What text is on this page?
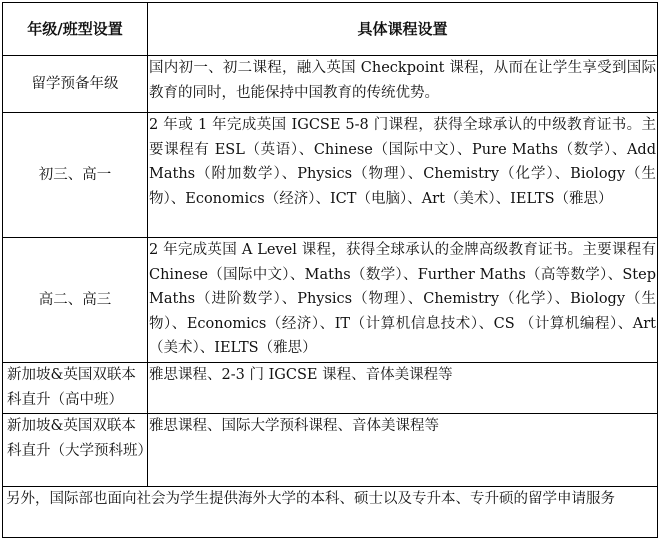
年级/班型设置	具体课程设置
留学预备年级	国内初一、初二课程，融入英国 Checkpoint 课程，从而在让学生享受到国际教育的同时，也能保持中国教育的传统优势。
初三、高一	2 年或 1 年完成英国 IGCSE 5-8 门课程，获得全球承认的中级教育证书。主要课程有 ESL（英语）、Chinese（国际中文）、Pure Maths（数学）、Add Maths（附加数学）、Physics（物理）、Chemistry（化学）、Biology（生物）、Economics（经济）、ICT（电脑）、Art（美术）、IELTS（雅思）
高二、高三	2 年完成英国 A Level 课程，获得全球承认的金牌高级教育证书。主要课程有 Chinese（国际中文）、Maths（数学）、Further Maths（高等数学）、Step Maths（进阶数学）、Physics（物理）、Chemistry（化学）、Biology（生物）、Economics（经济）、IT（计算机信息技术）、CS （计算机编程）、Art（美术）、IELTS（雅思）
新加坡&英国双联本科直升（高中班）	雅思课程、2-3 门 IGCSE 课程、音体美课程等
新加坡&英国双联本科直升（大学预科班）	雅思课程、国际大学预科课程、音体美课程等
另外，国际部也面向社会为学生提供海外大学的本科、硕士以及专升本、专升硕的留学申请服务	
